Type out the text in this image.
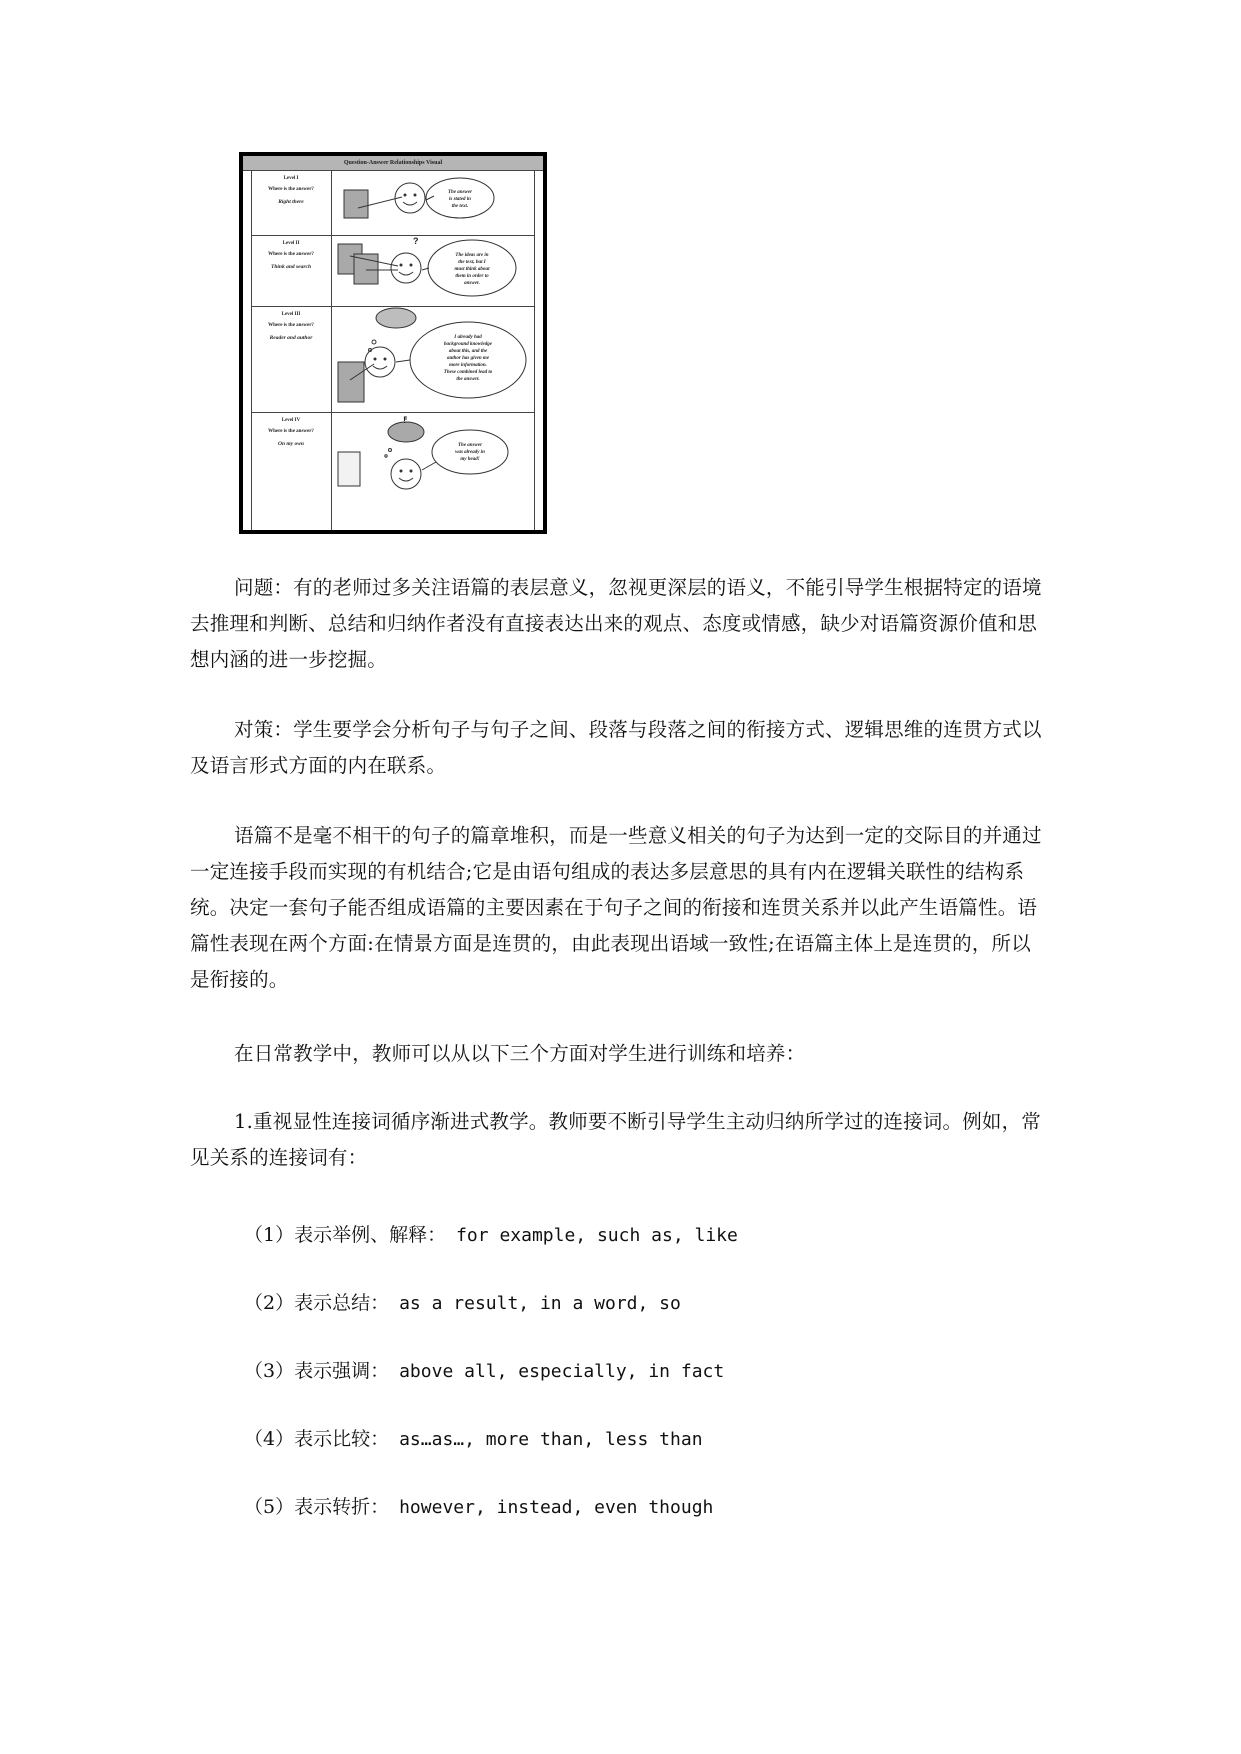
Question-Answer Relationships Visual
Level I
Where is the answer?
Right there
Level II
Where is the answer?
Think and search
Level III
Where is the answer?
Reader and author
Level IV
Where is the answer?
On my own
The answer
is stated in
the text.
The ideas are in
the text, but I
must think about
them in order to
answer.
I already had
background knowledge
about this, and the
author has given me
more information.
These combined lead to
the answer.
The answer
was already in
my head!
?
!

问题：有的老师过多关注语篇的表层意义，忽视更深层的语义，不能引导学生根据特定的语境去推理和判断、总结和归纳作者没有直接表达出来的观点、态度或情感，缺少对语篇资源价值和思想内涵的进一步挖掘。

对策：学生要学会分析句子与句子之间、段落与段落之间的衔接方式、逻辑思维的连贯方式以及语言形式方面的内在联系。

语篇不是毫不相干的句子的篇章堆积，而是一些意义相关的句子为达到一定的交际目的并通过一定连接手段而实现的有机结合;它是由语句组成的表达多层意思的具有内在逻辑关联性的结构系统。决定一套句子能否组成语篇的主要因素在于句子之间的衔接和连贯关系并以此产生语篇性。语篇性表现在两个方面:在情景方面是连贯的，由此表现出语域一致性;在语篇主体上是连贯的，所以是衔接的。

在日常教学中，教师可以从以下三个方面对学生进行训练和培养：

1.重视显性连接词循序渐进式教学。教师要不断引导学生主动归纳所学过的连接词。例如，常见关系的连接词有：

（1）表示举例、解释： for example, such as, like
（2）表示总结： as a result, in a word, so
（3）表示强调： above all, especially, in fact
（4）表示比较： as…as…, more than, less than
（5）表示转折： however, instead, even though
